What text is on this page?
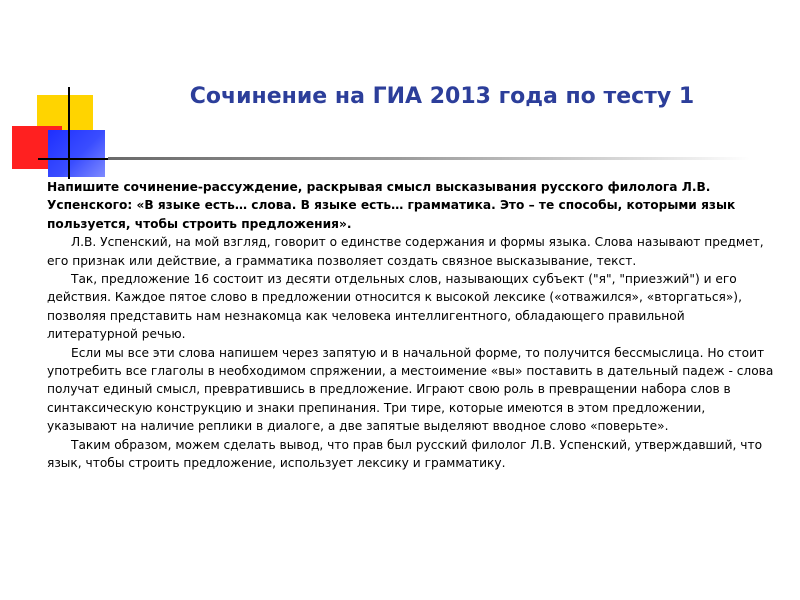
Сочинение на ГИА 2013 года по тесту 1

Напишите сочинение-рассуждение, раскрывая смысл высказывания русского филолога Л.В. Успенского: «В языке есть… слова. В языке есть… грамматика. Это – те способы, которыми язык пользуется, чтобы строить предложения».

Л.В. Успенский, на мой взгляд, говорит о единстве содержания и формы языка. Слова называют предмет, его признак или действие, а грамматика позволяет создать связное высказывание, текст.

Так, предложение 16 состоит из десяти отдельных слов, называющих субъект ("я", "приезжий") и его действия. Каждое пятое слово в предложении относится к высокой лексике («отважился», «вторгаться»), позволяя представить нам незнакомца как человека интеллигентного, обладающего правильной литературной речью.

Если мы все эти слова напишем через запятую и в начальной форме, то получится бессмыслица. Но стоит употребить все глаголы в необходимом спряжении, а местоимение «вы» поставить в дательный падеж - слова получат единый смысл, превратившись в предложение. Играют свою роль в превращении набора слов в синтаксическую конструкцию и знаки препинания. Три тире, которые имеются в этом предложении, указывают на наличие реплики в диалоге, а две запятые выделяют вводное слово «поверьте».

Таким образом, можем сделать вывод, что прав был русский филолог Л.В. Успенский, утверждавший, что язык, чтобы строить предложение, использует лексику и грамматику.
